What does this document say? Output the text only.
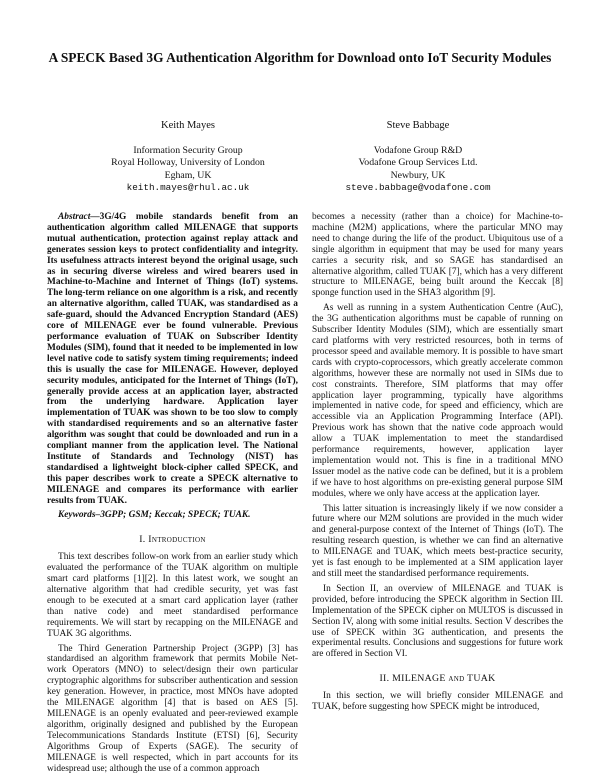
A SPECK Based 3G Authentication Algorithm for Download onto IoT Security Modules
Keith Mayes
Information Security Group
Royal Holloway, University of London
Egham, UK
keith.mayes@rhul.ac.uk
Steve Babbage
Vodafone Group R&D
Vodafone Group Services Ltd.
Newbury, UK
steve.babbage@vodafone.com

Abstract—3G/4G mobile standards benefit from an authentication algorithm called MILENAGE that supports mutual authentication, protection against replay attack and generates session keys to protect confidentiality and integrity. Its usefulness attracts interest beyond the original usage, such as in securing diverse wireless and wired bearers used in Machine-to-Machine and Internet of Things (IoT) systems. The long-term reliance on one algorithm is a risk, and recently an alternative algorithm, called TUAK, was standardised as a safe-guard, should the Advanced Encryption Standard (AES) core of MILENAGE ever be found vulnerable. Previous performance evaluation of TUAK on Subscriber Identity Modules (SIM), found that it needed to be implemented in low level native code to satisfy system timing requirements; indeed this is usually the case for MILENAGE. However, deployed security modules, anticipated for the Internet of Things (IoT), generally provide access at an application layer, abstracted from the underlying hardware. Application layer implementation of TUAK was shown to be too slow to comply with standardised requirements and so an alternative faster algorithm was sought that could be downloaded and run in a compliant manner from the application level. The National Institute of Standards and Technology (NIST) has standardised a lightweight block-cipher called SPECK, and this paper describes work to create a SPECK alternative to MILENAGE and compares its performance with earlier results from TUAK.

Keywords–3GPP; GSM; Keccak; SPECK; TUAK.

I. Introduction

This text describes follow-on work from an earlier study which evaluated the performance of the TUAK algorithm on multiple smart card platforms [1][2]. In this latest work, we sought an alternative algorithm that had credible security, yet was fast enough to be executed at a smart card application layer (rather than native code) and meet standardised performance requirements. We will start by recapping on the MILENAGE and TUAK 3G algorithms.

The Third Generation Partnership Project (3GPP) [3] has standardised an algorithm framework that permits Mobile Network Operators (MNO) to select/design their own particular cryptographic algorithms for subscriber authentication and session key generation. However, in practice, most MNOs have adopted the MILENAGE algorithm [4] that is based on AES [5]. MILENAGE is an openly evaluated and peer-reviewed example algorithm, originally designed and published by the European Telecommunications Standards Institute (ETSI) [6], Security Algorithms Group of Experts (SAGE). The security of MILENAGE is well respected, which in part accounts for its widespread use; although the use of a common approach

becomes a necessity (rather than a choice) for Machine-to-machine (M2M) applications, where the particular MNO may need to change during the life of the product. Ubiquitous use of a single algorithm in equipment that may be used for many years carries a security risk, and so SAGE has standardised an alternative algorithm, called TUAK [7], which has a very different structure to MILENAGE, being built around the Keccak [8] sponge function used in the SHA3 algorithm [9].

As well as running in a system Authentication Centre (AuC), the 3G authentication algorithms must be capable of running on Subscriber Identity Modules (SIM), which are essentially smart card platforms with very restricted resources, both in terms of processor speed and available memory. It is possible to have smart cards with crypto-coprocessors, which greatly accelerate common algorithms, however these are normally not used in SIMs due to cost constraints. Therefore, SIM platforms that may offer application layer programming, typically have algorithms implemented in native code, for speed and efficiency, which are accessible via an Application Programming Interface (API). Previous work has shown that the native code approach would allow a TUAK implementation to meet the standardised performance requirements, however, application layer implementation would not. This is fine in a traditional MNO Issuer model as the native code can be defined, but it is a problem if we have to host algorithms on pre-existing general purpose SIM modules, where we only have access at the application layer.

This latter situation is increasingly likely if we now consider a future where our M2M solutions are provided in the much wider and general-purpose context of the Internet of Things (IoT). The resulting research question, is whether we can find an alternative to MILENAGE and TUAK, which meets best-practice security, yet is fast enough to be implemented at a SIM application layer and still meet the standardised performance requirements.

In Section II, an overview of MILENAGE and TUAK is provided, before introducing the SPECK algorithm in Section III. Implementation of the SPECK cipher on MULTOS is discussed in Section IV, along with some initial results. Section V describes the use of SPECK within 3G authentication, and presents the experimental results. Conclusions and suggestions for future work are offered in Section VI.

II. MILENAGE and TUAK

In this section, we will briefly consider MILENAGE and TUAK, before suggesting how SPECK might be introduced,
